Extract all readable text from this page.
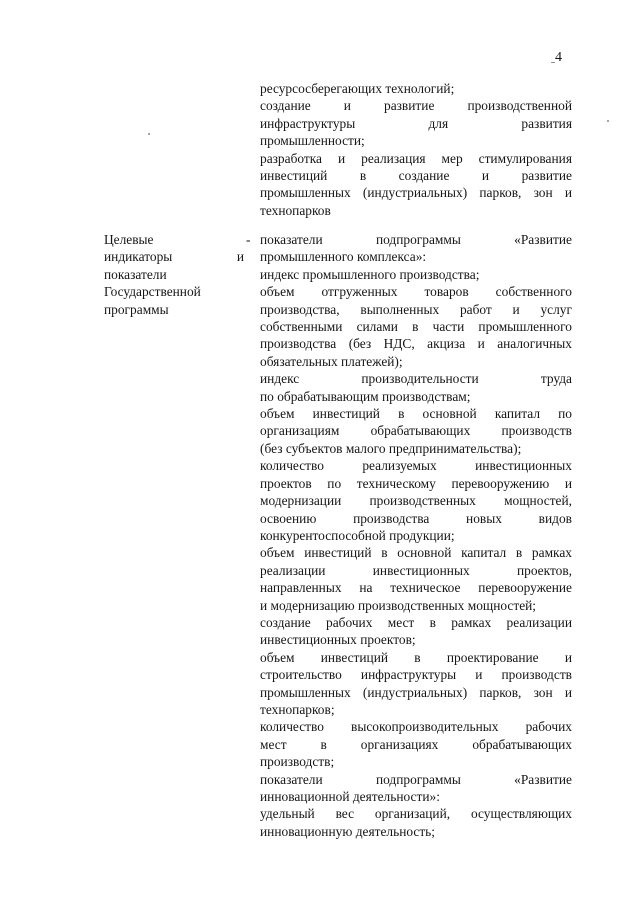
4

ресурсосберегающих технологий;

создание и развитие производственной

инфраструктуры для развития

промышленности;

разработка и реализация мер стимулирования

инвестиций в создание и развитие

промышленных (индустриальных) парков, зон и

технопарков

Целевые

индикаторы и

показатели

Государственной

программы

- показатели подпрограммы «Развитие

промышленного комплекса»:

индекс промышленного производства;

объем отгруженных товаров собственного

производства, выполненных работ и услуг

собственными силами в части промышленного

производства (без НДС, акциза и аналогичных

обязательных платежей);

индекс производительности труда

по обрабатывающим производствам;

объем инвестиций в основной капитал по

организациям обрабатывающих производств

(без субъектов малого предпринимательства);

количество реализуемых инвестиционных

проектов по техническому перевооружению и

модернизации производственных мощностей,

освоению производства новых видов

конкурентоспособной продукции;

объем инвестиций в основной капитал в рамках

реализации инвестиционных проектов,

направленных на техническое перевооружение

и модернизацию производственных мощностей;

создание рабочих мест в рамках реализации

инвестиционных проектов;

объем инвестиций в проектирование и

строительство инфраструктуры и производств

промышленных (индустриальных) парков, зон и

технопарков;

количество высокопроизводительных рабочих

мест в организациях обрабатывающих

производств;

показатели подпрограммы «Развитие

инновационной деятельности»:

удельный вес организаций, осуществляющих

инновационную деятельность;
